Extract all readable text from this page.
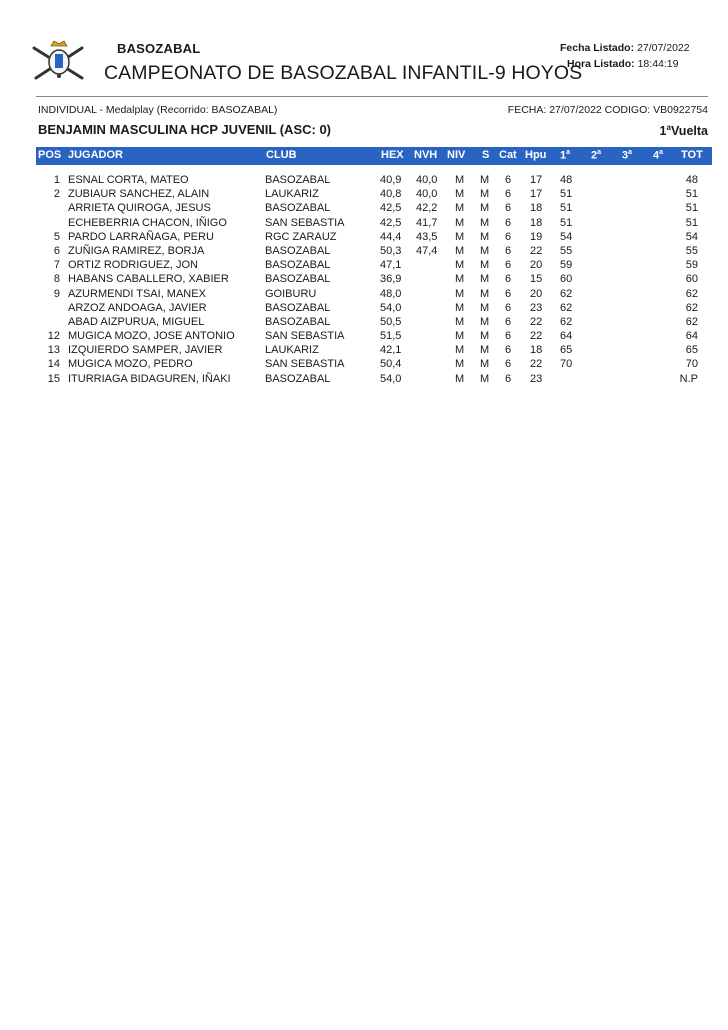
BASOZABAL
CAMPEONATO DE BASOZABAL INFANTIL-9 HOYOS
Fecha Listado: 27/07/2022
Hora Listado: 18:44:19
INDIVIDUAL - Medalplay (Recorrido: BASOZABAL)	FECHA: 27/07/2022 CODIGO: VB0922754
BENJAMIN MASCULINA HCP JUVENIL (ASC: 0)	1$^a$Vuelta
POS JUGADOR	CLUB	HEX NVH NIV S Cat Hpu 1$^a$ 2$^a$ 3$^a$ 4$^a$ TOT
1 ESNAL CORTA, MATEO	BASOZABAL	40,9 40,0 M M 6 17 48	48
2 ZUBIAUR SANCHEZ, ALAIN	LAUKARIZ	40,8 40,0 M M 6 17 51	51
ARRIETA QUIROGA, JESUS	BASOZABAL	42,5 42,2 M M 6 18 51	51
ECHEBERRIA CHACON, IÑIGO	SAN SEBASTIA	42,5 41,7 M M 6 18 51	51
5 PARDO LARRAÑAGA, PERU	RGC ZARAUZ	44,4 43,5 M M 6 19 54	54
6 ZUÑIGA RAMIREZ, BORJA	BASOZABAL	50,3 47,4 M M 6 22 55	55
7 ORTIZ RODRIGUEZ, JON	BASOZABAL	47,1	M M 6 20 59	59
8 HABANS CABALLERO, XABIER	BASOZABAL	36,9	M M 6 15 60	60
9 AZURMENDI TSAI, MANEX	GOIBURU	48,0	M M 6 20 62	62
ARZOZ ANDOAGA, JAVIER	BASOZABAL	54,0	M M 6 23 62	62
ABAD AIZPURUA, MIGUEL	BASOZABAL	50,5	M M 6 22 62	62
12 MUGICA MOZO, JOSE ANTONIO	SAN SEBASTIA	51,5	M M 6 22 64	64
13 IZQUIERDO SAMPER, JAVIER	LAUKARIZ	42,1	M M 6 18 65	65
14 MUGICA MOZO, PEDRO	SAN SEBASTIA	50,4	M M 6 22 70	70
15 ITURRIAGA BIDAGUREN, IÑAKI	BASOZABAL	54,0	M M 6 23	N.P
